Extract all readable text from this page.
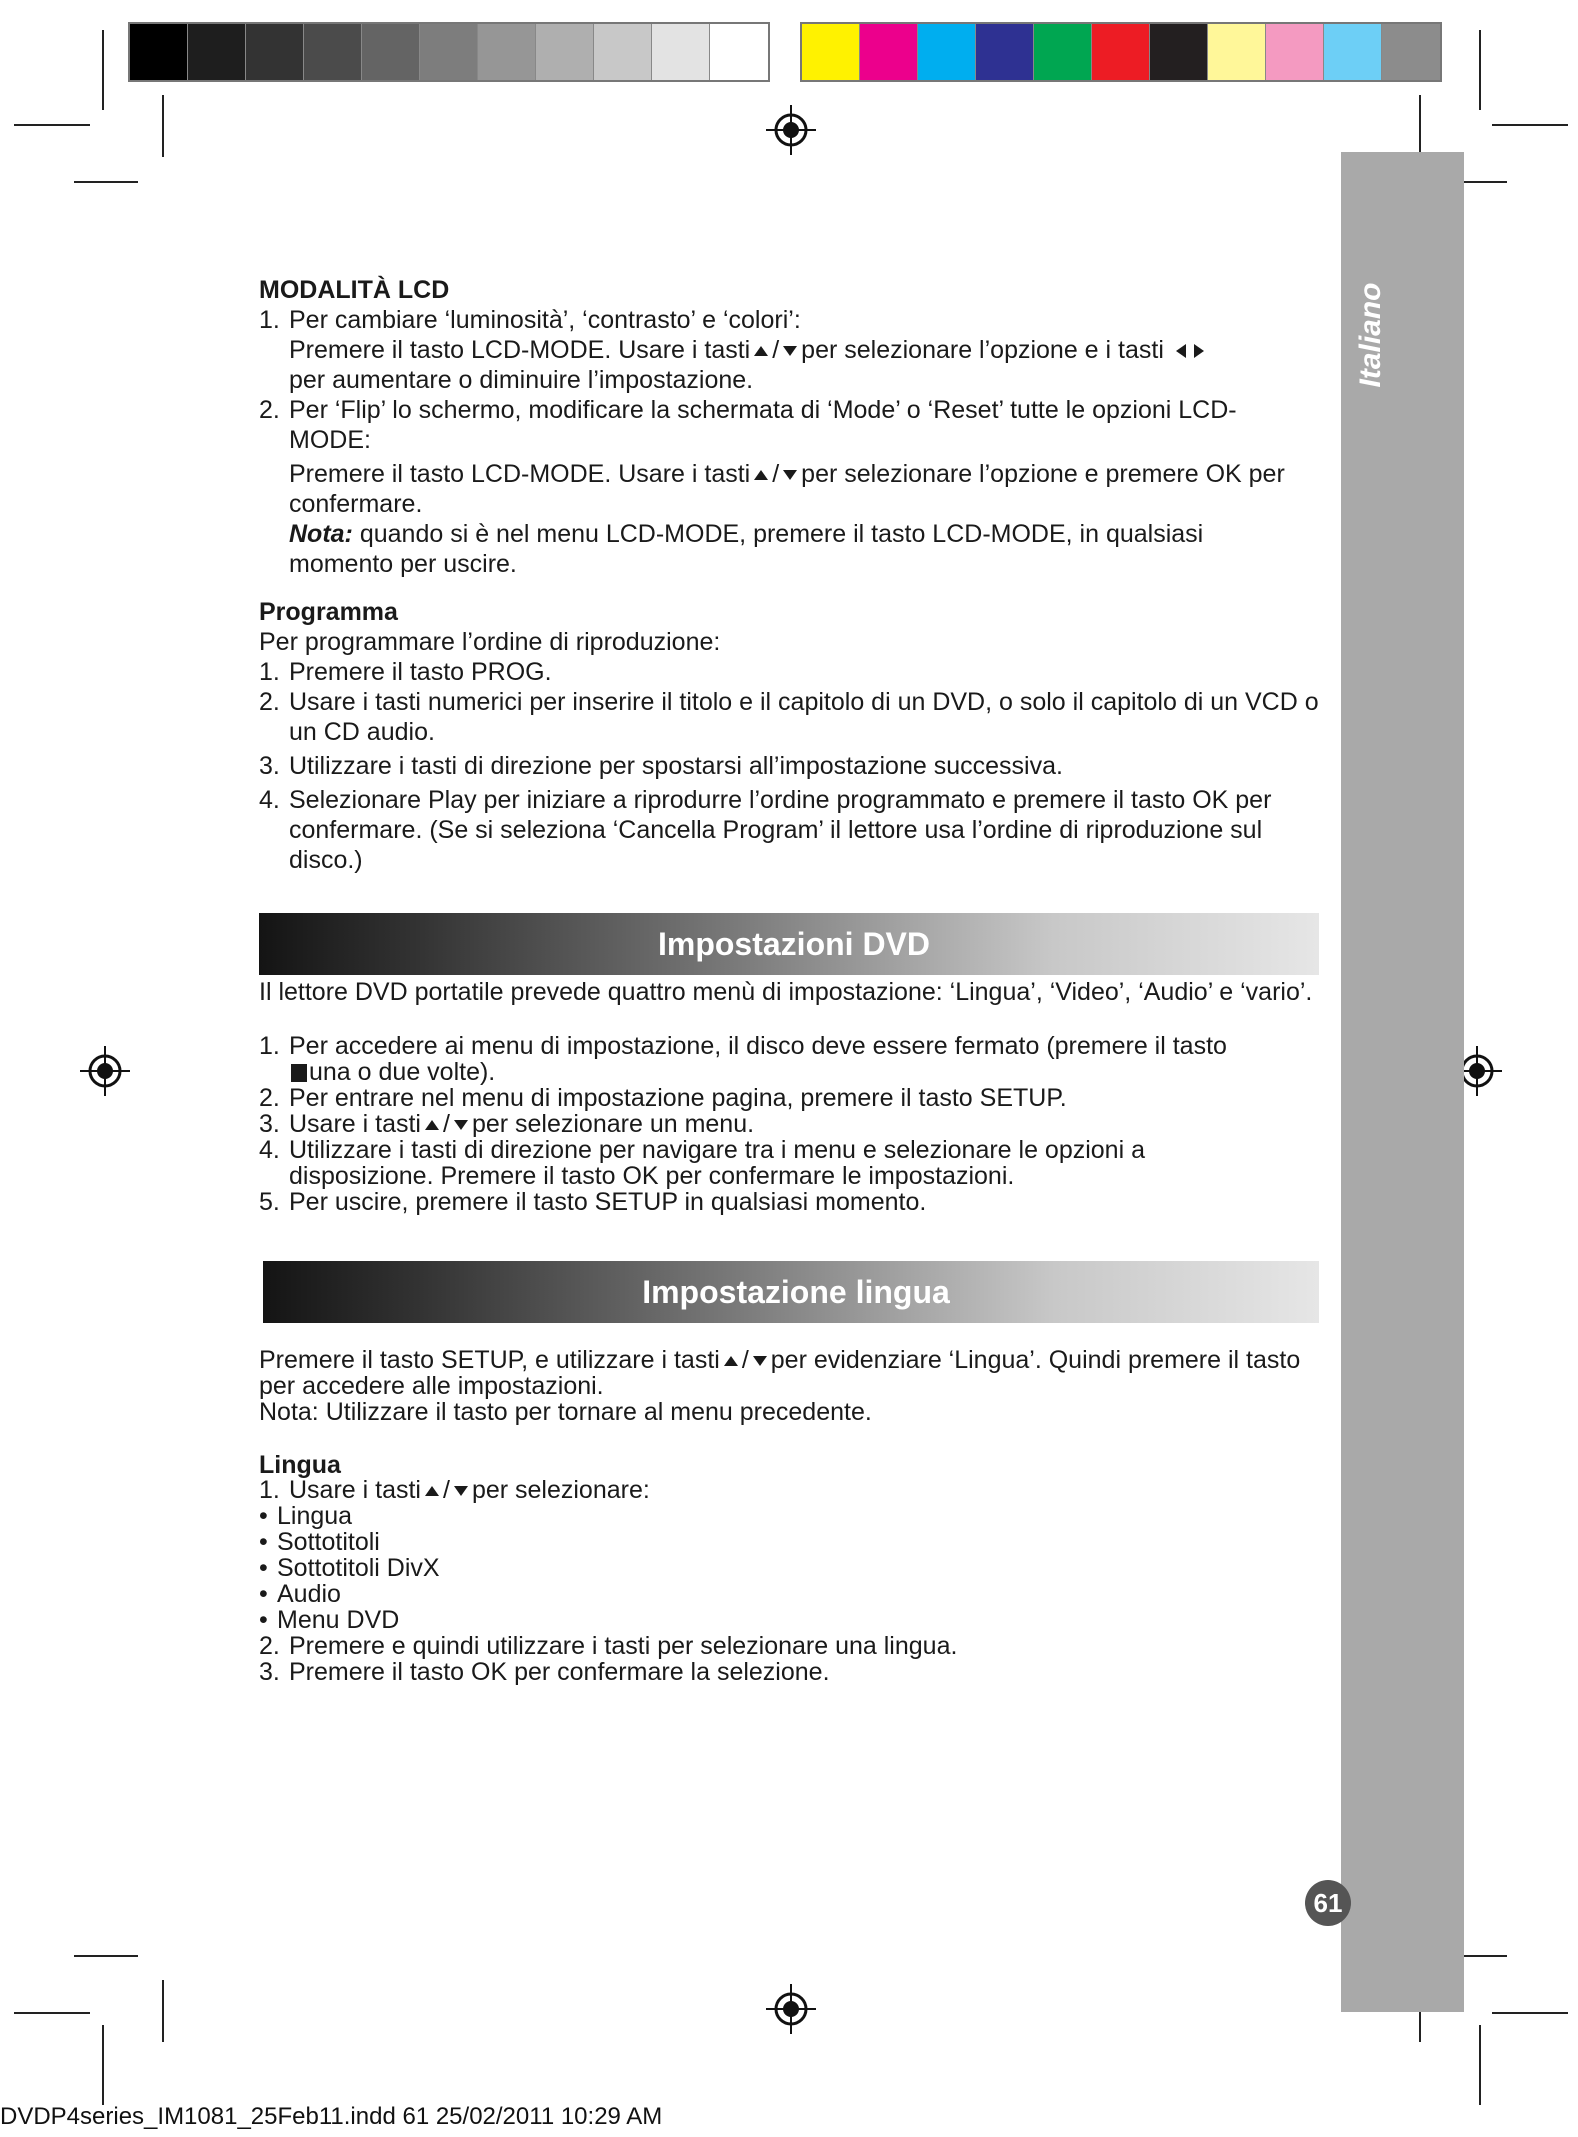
Italiano
61
MODALITÀ LCD
1. Per cambiare ‘luminosità’, ‘contrasto’ e ‘colori’:
Premere il tasto LCD-MODE. Usare i tasti / per selezionare l’opzione e i tasti
per aumentare o diminuire l’impostazione.
2. Per ‘Flip’ lo schermo, modificare la schermata di ‘Mode’ o ‘Reset’ tutte le opzioni LCD-MODE:
Premere il tasto LCD-MODE. Usare i tasti / per selezionare l’opzione e premere OK per confermare.
Nota: quando si è nel menu LCD-MODE, premere il tasto LCD-MODE, in qualsiasi momento per uscire.
Programma
Per programmare l’ordine di riproduzione:
1. Premere il tasto PROG.
2. Usare i tasti numerici per inserire il titolo e il capitolo di un DVD, o solo il capitolo di un VCD o un CD audio.
3. Utilizzare i tasti di direzione per spostarsi all’impostazione successiva.
4. Selezionare Play per iniziare a riprodurre l’ordine programmato e premere il tasto OK per confermare. (Se si seleziona ‘Cancella Program’ il lettore usa l’ordine di riproduzione sul disco.)
Impostazioni DVD
Il lettore DVD portatile prevede quattro menù di impostazione: ‘Lingua’, ‘Video’, ‘Audio’ e ‘vario’.
1. Per accedere ai menu di impostazione, il disco deve essere fermato (premere il tasto una o due volte).
2. Per entrare nel menu di impostazione pagina, premere il tasto SETUP.
3. Usare i tasti / per selezionare un menu.
4. Utilizzare i tasti di direzione per navigare tra i menu e selezionare le opzioni a disposizione. Premere il tasto OK per confermare le impostazioni.
5. Per uscire, premere il tasto SETUP in qualsiasi momento.
Impostazione lingua
Premere il tasto SETUP, e utilizzare i tasti / per evidenziare ‘Lingua’. Quindi premere il tasto per accedere alle impostazioni.
Nota: Utilizzare il tasto per tornare al menu precedente.
Lingua
1. Usare i tasti / per selezionare:
• Lingua
• Sottotitoli
• Sottotitoli DivX
• Audio
• Menu DVD
2. Premere e quindi utilizzare i tasti per selezionare una lingua.
3. Premere il tasto OK per confermare la selezione.
DVDP4series_IM1081_25Feb11.indd 61 25/02/2011 10:29 AM
